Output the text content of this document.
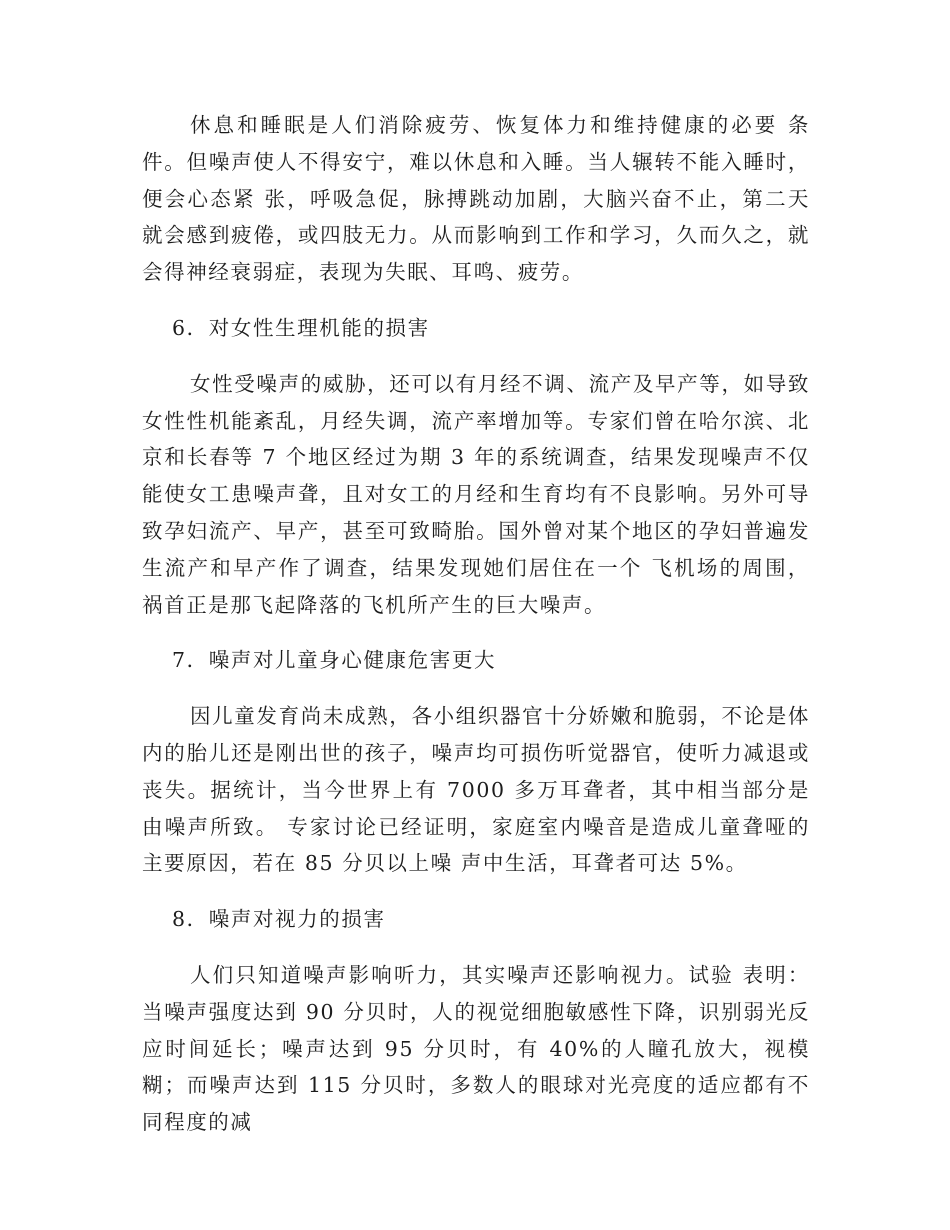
休息和睡眠是人们消除疲劳、恢复体力和维持健康的必要 条件。但噪声使人不得安宁，难以休息和入睡。当人辗转不能入睡时，便会心态紧 张，呼吸急促，脉搏跳动加剧，大脑兴奋不止，第二天就会感到疲倦，或四肢无力。从而影响到工作和学习，久而久之，就会得神经衰弱症，表现为失眠、耳鸣、疲劳。

6．对女性生理机能的损害

女性受噪声的威胁，还可以有月经不调、流产及早产等，如导致女性性机能紊乱，月经失调，流产率增加等。专家们曾在哈尔滨、北京和长春等 7 个地区经过为期 3 年的系统调查，结果发现噪声不仅能使女工患噪声聋，且对女工的月经和生育均有不良影响。另外可导致孕妇流产、早产，甚至可致畸胎。国外曾对某个地区的孕妇普遍发生流产和早产作了调查，结果发现她们居住在一个 飞机场的周围，祸首正是那飞起降落的飞机所产生的巨大噪声。

7．噪声对儿童身心健康危害更大

因儿童发育尚未成熟，各小组织器官十分娇嫩和脆弱，不论是体内的胎儿还是刚出世的孩子，噪声均可损伤听觉器官，使听力减退或丧失。据统计，当今世界上有 7000 多万耳聋者，其中相当部分是由噪声所致。 专家讨论已经证明，家庭室内噪音是造成儿童聋哑的主要原因，若在 85 分贝以上噪 声中生活，耳聋者可达 5%。

8．噪声对视力的损害

人们只知道噪声影响听力，其实噪声还影响视力。试验 表明：当噪声强度达到 90 分贝时，人的视觉细胞敏感性下降，识别弱光反应时间延长；噪声达到 95 分贝时，有 40%的人瞳孔放大，视模糊；而噪声达到 115 分贝时，多数人的眼球对光亮度的适应都有不同程度的减
